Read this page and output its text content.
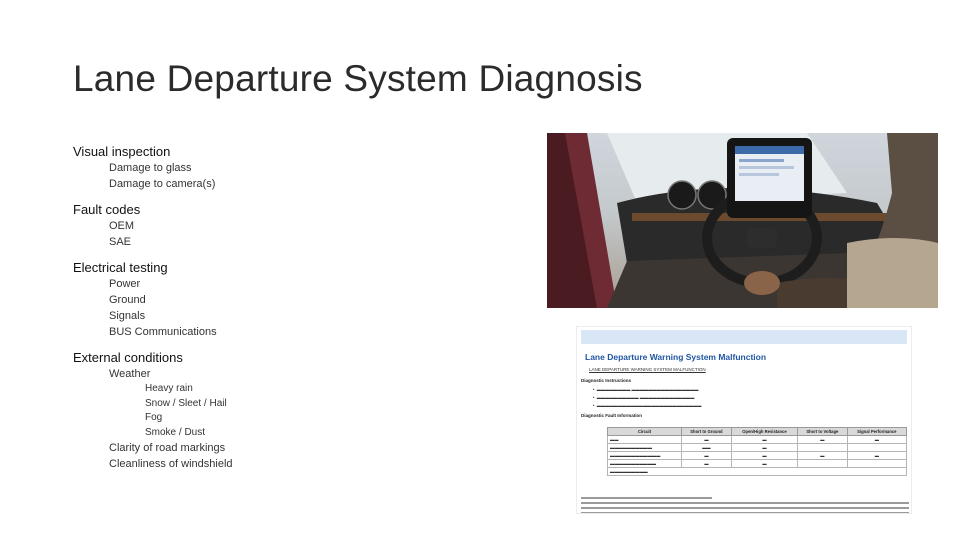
Lane Departure System Diagnosis
Visual inspection
Damage to glass
Damage to camera(s)
Fault codes
OEM
SAE
Electrical testing
Power
Ground
Signals
BUS Communications
External conditions
Weather
Heavy rain
Snow / Sleet / Hail
Fog
Smoke / Dust
Clarity of road markings
Cleanliness of windshield
Lane Departure Warning System Malfunction
LANE DEPARTURE WARNING SYSTEM MALFUNCTION
Diagnostic Instructions
•  ▬▬▬▬▬▬▬▬ ▬▬▬▬▬▬▬▬▬▬▬▬▬▬▬▬
•  ▬▬▬▬▬▬▬▬▬▬ ▬▬▬▬▬▬▬▬▬▬▬▬▬
•  ▬▬▬▬▬▬▬▬▬▬▬▬▬▬▬▬▬▬▬▬▬▬▬▬▬
Diagnostic Fault Information
Circuit	Short to Ground	Open/High Resistance	Short to Voltage	Signal Performance
▬▬	▬	▬	▬	▬
▬▬▬▬▬▬▬▬▬▬	▬▬	▬		
▬▬▬▬▬▬▬▬▬▬▬▬	▬	▬	▬	▬
▬▬▬▬▬▬▬▬▬▬▬	▬	▬		
▬▬▬▬▬▬▬▬▬				
